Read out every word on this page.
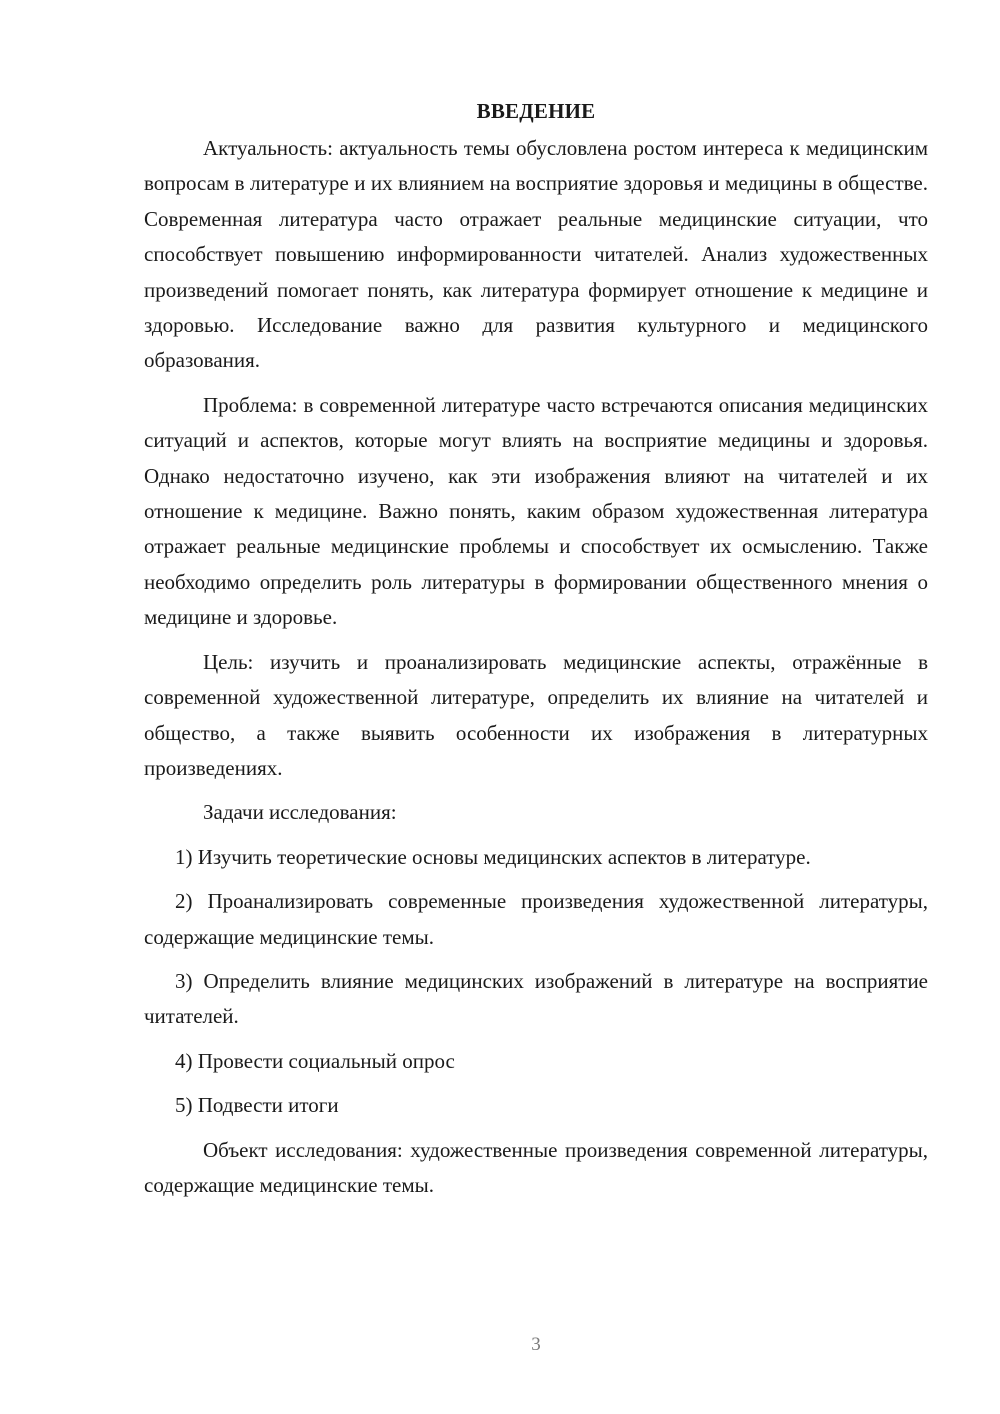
ВВЕДЕНИЕ

Актуальность: актуальность темы обусловлена ростом интереса к медицинским вопросам в литературе и их влиянием на восприятие здоровья и медицины в обществе. Современная литература часто отражает реальные медицинские ситуации, что способствует повышению информированности читателей. Анализ художественных произведений помогает понять, как литература формирует отношение к медицине и здоровью. Исследование важно для развития культурного и медицинского образования.

Проблема: в современной литературе часто встречаются описания медицинских ситуаций и аспектов, которые могут влиять на восприятие медицины и здоровья. Однако недостаточно изучено, как эти изображения влияют на читателей и их отношение к медицине. Важно понять, каким образом художественная литература отражает реальные медицинские проблемы и способствует их осмыслению. Также необходимо определить роль литературы в формировании общественного мнения о медицине и здоровье.

Цель: изучить и проанализировать медицинские аспекты, отражённые в современной художественной литературе, определить их влияние на читателей и общество, а также выявить особенности их изображения в литературных произведениях.

Задачи исследования:

1) Изучить теоретические основы медицинских аспектов в литературе.

2) Проанализировать современные произведения художественной литературы, содержащие медицинские темы.

3) Определить влияние медицинских изображений в литературе на восприятие читателей.

4) Провести социальный опрос

5) Подвести итоги

Объект исследования: художественные произведения современной литературы, содержащие медицинские темы.

3
